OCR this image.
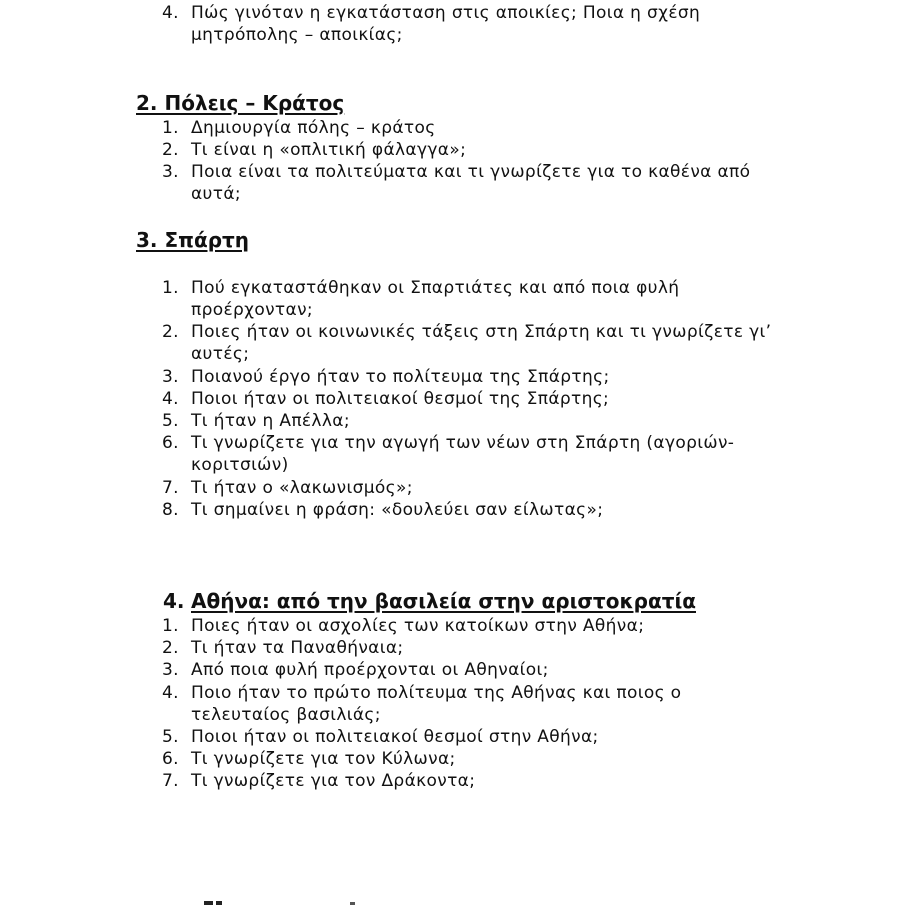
4. Πώς γινόταν η εγκατάσταση στις αποικίες; Ποια η σχέση
μητρόπολης – αποικίας;
2. Πόλεις – Κράτος
1. Δημιουργία πόλης – κράτος
2. Τι είναι η «οπλιτική φάλαγγα»;
3. Ποια είναι τα πολιτεύματα και τι γνωρίζετε για το καθένα από
αυτά;
3. Σπάρτη
1. Πού εγκαταστάθηκαν οι Σπαρτιάτες και από ποια φυλή
προέρχονταν;
2. Ποιες ήταν οι κοινωνικές τάξεις στη Σπάρτη και τι γνωρίζετε γι’
αυτές;
3. Ποιανού έργο ήταν το πολίτευμα της Σπάρτης;
4. Ποιοι ήταν οι πολιτειακοί θεσμοί της Σπάρτης;
5. Τι ήταν η Απέλλα;
6. Τι γνωρίζετε για την αγωγή των νέων στη Σπάρτη (αγοριών-
κοριτσιών)
7. Τι ήταν ο «λακωνισμός»;
8. Τι σημαίνει η φράση: «δουλεύει σαν είλωτας»;
4. Αθήνα: από την βασιλεία στην αριστοκρατία
1. Ποιες ήταν οι ασχολίες των κατοίκων στην Αθήνα;
2. Τι ήταν τα Παναθήναια;
3. Από ποια φυλή προέρχονται οι Αθηναίοι;
4. Ποιο ήταν το πρώτο πολίτευμα της Αθήνας και ποιος ο
τελευταίος βασιλιάς;
5. Ποιοι ήταν οι πολιτειακοί θεσμοί στην Αθήνα;
6. Τι γνωρίζετε για τον Κύλωνα;
7. Τι γνωρίζετε για τον Δράκοντα;
